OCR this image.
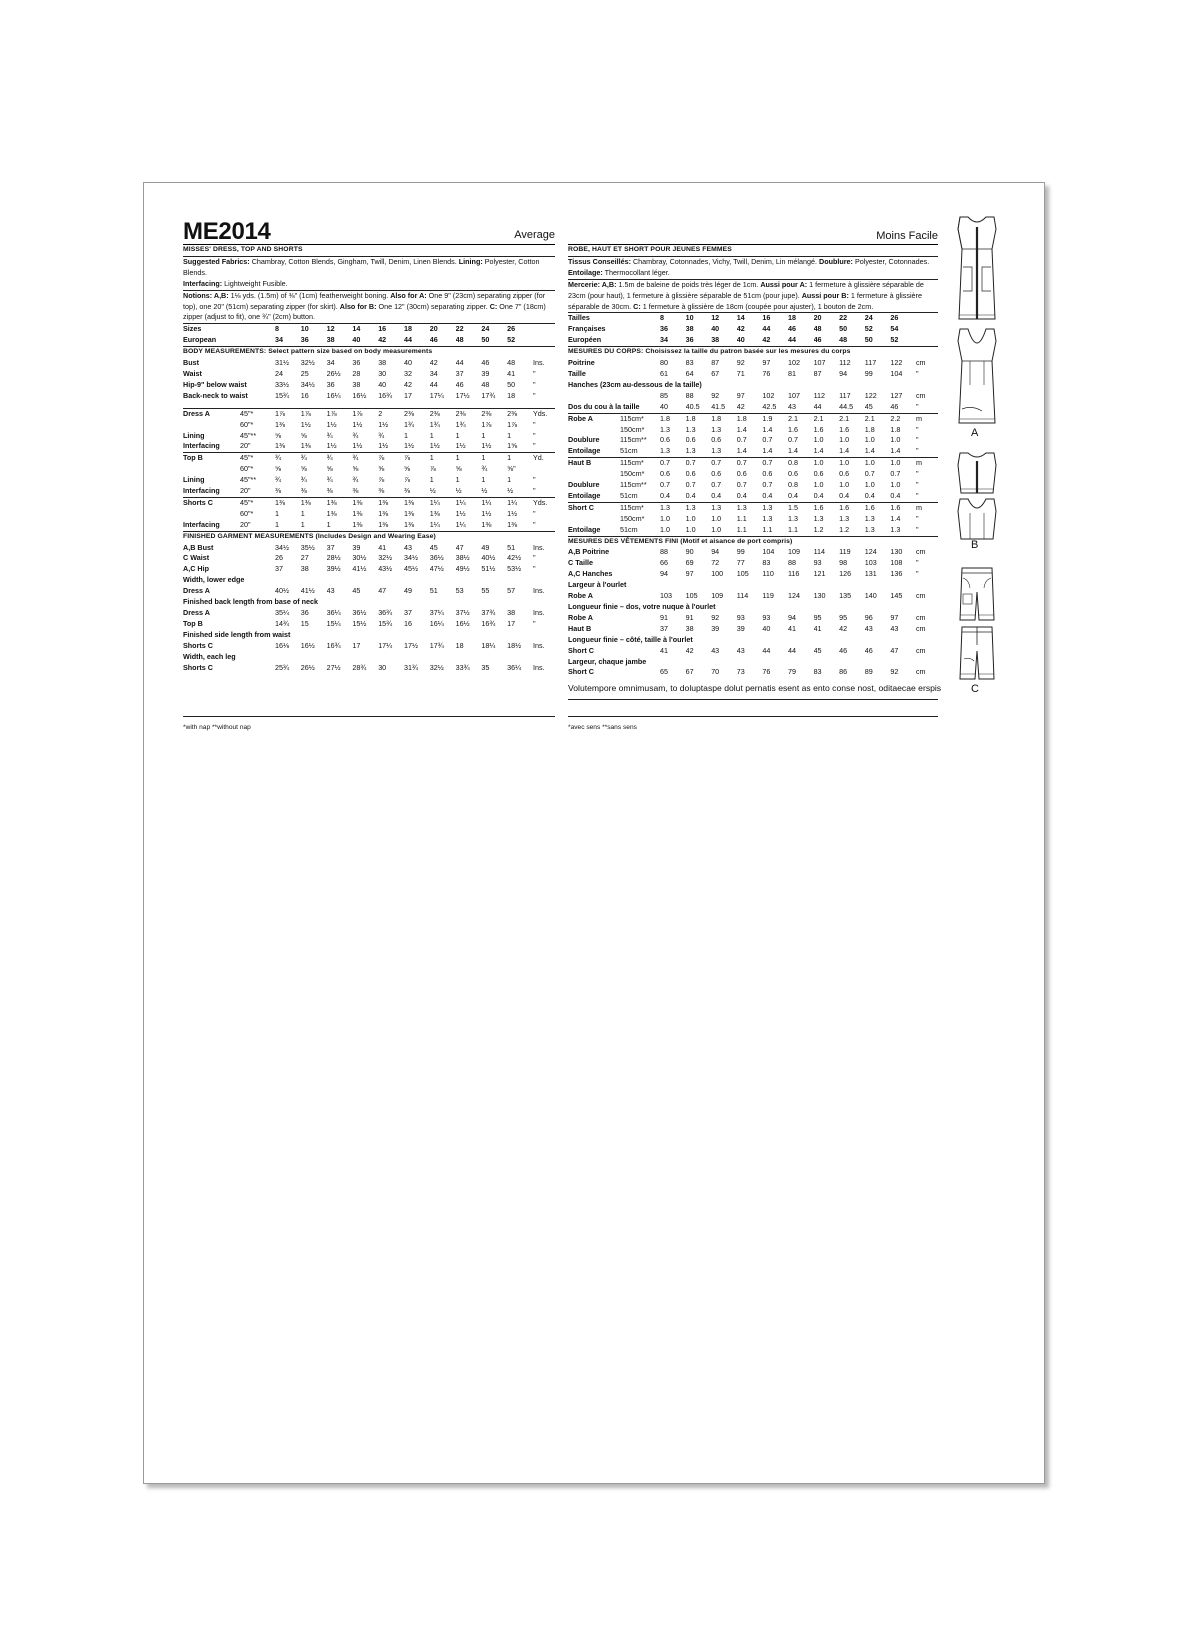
ME2014	Average
MISSES' DRESS, TOP AND SHORTS

Suggested Fabrics: Chambray, Cotton Blends, Gingham, Twill, Denim, Linen Blends. Lining: Polyester, Cotton Blends.

Interfacing: Lightweight Fusible.

Notions: A,B: 1⅛ yds. (1.5m) of ⅜" (1cm) featherweight boning. Also for A: One 9" (23cm) separating zipper (for top), one 20" (51cm) separating zipper (for skirt). Also for B: One 12" (30cm) separating zipper. C: One 7" (18cm) zipper (adjust to fit), one ¾" (2cm) button.

Sizes	8	10	12	14	16	18	20	22	24	26	
European	34	36	38	40	42	44	46	48	50	52	
BODY MEASUREMENTS: Select pattern size based on body measurements
Bust	31½	32½	34	36	38	40	42	44	46	48	Ins.
Waist	24	25	26½	28	30	32	34	37	39	41	"
Hip-9" below waist	33½	34½	36	38	40	42	44	46	48	50	"
Back-neck to waist	15¾	16	16¼	16½	16¾	17	17¼	17½	17¾	18	"
Dress A	45"*	1⅞	1⅞	1⅞	1⅞	2	2⅜	2⅜	2⅜	2⅜	2⅜	Yds.
	60"*	1⅜	1½	1½	1½	1½	1¾	1¾	1¾	1⅞	1⅞	"
Lining	45"**	⅝	⅝	¾	¾	¾	1	1	1	1	1	"
Interfacing	20"	1⅜	1⅜	1½	1½	1½	1½	1½	1½	1½	1⅝	"
Top B	45"*	¾	¾	¾	¾	⅞	⅞	1	1	1	1	Yd.
	60"*	⅝	⅝	⅝	⅝	⅝	⅝	⅞	⅝	¾	⅝"	
Lining	45"**	¾	¾	¾	¾	⅞	⅞	1	1	1	1	"
Interfacing	20"	⅜	⅜	⅜	⅜	⅜	⅜	½	½	½	½	"
Shorts C	45"*	1⅜	1⅜	1⅜	1⅜	1⅜	1⅜	1¼	1¼	1¼	1¼	Yds.
	60"*	1	1	1⅜	1⅜	1⅜	1⅜	1⅜	1½	1½	1½	"
Interfacing	20"	1	1	1	1⅜	1⅜	1⅜	1¼	1¼	1⅜	1⅜	"
FINISHED GARMENT MEASUREMENTS (Includes Design and Wearing Ease)
A,B Bust	34½	35½	37	39	41	43	45	47	49	51	Ins.
C Waist	26	27	28½	30½	32½	34½	36½	38½	40½	42½	"
A,C Hip	37	38	39½	41½	43½	45½	47½	49½	51½	53½	"
Width, lower edge											
Dress A	40½	41½	43	45	47	49	51	53	55	57	Ins.
Finished back length from base of neck											
Dress A	35¼	36	36¼	36½	36¾	37	37¼	37½	37¾	38	Ins.
Top B	14¾	15	15¼	15½	15¾	16	16¼	16½	16¾	17	"
Finished side length from waist											
Shorts C	16⅛	16½	16¾	17	17¼	17½	17¾	18	18¼	18½	Ins.
Width, each leg											
Shorts C	25¾	26½	27½	28¾	30	31¾	32½	33¾	35	36¼	Ins.
Moins Facile
ROBE, HAUT ET SHORT POUR JEUNES FEMMES

Tissus Conseillés: Chambray, Cotonnades, Vichy, Twill, Denim, Lin mélangé. Doublure: Polyester, Cotonnades.

Entoilage: Thermocollant léger.

Mercerie: A,B: 1.5m de baleine de poids très léger de 1cm. Aussi pour A: 1 fermeture à glissière séparable de 23cm (pour haut), 1 fermeture à glissière séparable de 51cm (pour jupe). Aussi pour B: 1 fermeture à glissière séparable de 30cm. C: 1 fermeture à glissière de 18cm (coupée pour ajuster), 1 bouton de 2cm.

Tailles	8	10	12	14	16	18	20	22	24	26	
Françaises	36	38	40	42	44	46	48	50	52	54	
Européen	34	36	38	40	42	44	46	48	50	52	
MESURES DU CORPS: Choisissez la taille du patron basée sur les mesures du corps
Poitrine	80	83	87	92	97	102	107	112	117	122	cm
Taille	61	64	67	71	76	81	87	94	99	104	"
Hanches (23cm au-dessous de la taille)											
	85	88	92	97	102	107	112	117	122	127	cm
Dos du cou à la taille	40	40.5	41.5	42	42.5	43	44	44.5	45	46	"
Robe A	115cm*	1.8	1.8	1.8	1.8	1.9	2.1	2.1	2.1	2.1	2.2	m
	150cm*	1.3	1.3	1.3	1.4	1.4	1.6	1.6	1.6	1.8	1.8	"
Doublure	115cm**	0.6	0.6	0.6	0.7	0.7	0.7	1.0	1.0	1.0	1.0	"
Entoilage	51cm	1.3	1.3	1.3	1.4	1.4	1.4	1.4	1.4	1.4	1.4	"
Haut B	115cm*	0.7	0.7	0.7	0.7	0.7	0.8	1.0	1.0	1.0	1.0	m
	150cm*	0.6	0.6	0.6	0.6	0.6	0.6	0.6	0.6	0.7	0.7	"
Doublure	115cm**	0.7	0.7	0.7	0.7	0.7	0.8	1.0	1.0	1.0	1.0	"
Entoilage	51cm	0.4	0.4	0.4	0.4	0.4	0.4	0.4	0.4	0.4	0.4	"
Short C	115cm*	1.3	1.3	1.3	1.3	1.3	1.5	1.6	1.6	1.6	1.6	m
	150cm*	1.0	1.0	1.0	1.1	1.3	1.3	1.3	1.3	1.3	1.4	"
Entoilage	51cm	1.0	1.0	1.0	1.1	1.1	1.1	1.2	1.2	1.3	1.3	"
MESURES DES VÊTEMENTS FINI (Motif et aisance de port compris)
A,B Poitrine	88	90	94	99	104	109	114	119	124	130	cm
C Taille	66	69	72	77	83	88	93	98	103	108	"
A,C Hanches	94	97	100	105	110	116	121	126	131	136	"
Largeur à l'ourlet											
Robe A	103	105	109	114	119	124	130	135	140	145	cm
Longueur finie – dos, votre nuque à l'ourlet											
Robe A	91	91	92	93	93	94	95	95	96	97	cm
Haut B	37	38	39	39	40	41	41	42	43	43	cm
Longueur finie – côté, taille à l'ourlet											
Short C	41	42	43	43	44	44	45	46	46	47	cm
Largeur, chaque jambe											
Short C	65	67	70	73	76	79	83	86	89	92	cm
Volutempore omnimusam, to doluptaspe dolut pernatis esent as ento conse nost, oditaecae erspis
*with nap **without nap	*avec sens **sans sens
A
B
C
